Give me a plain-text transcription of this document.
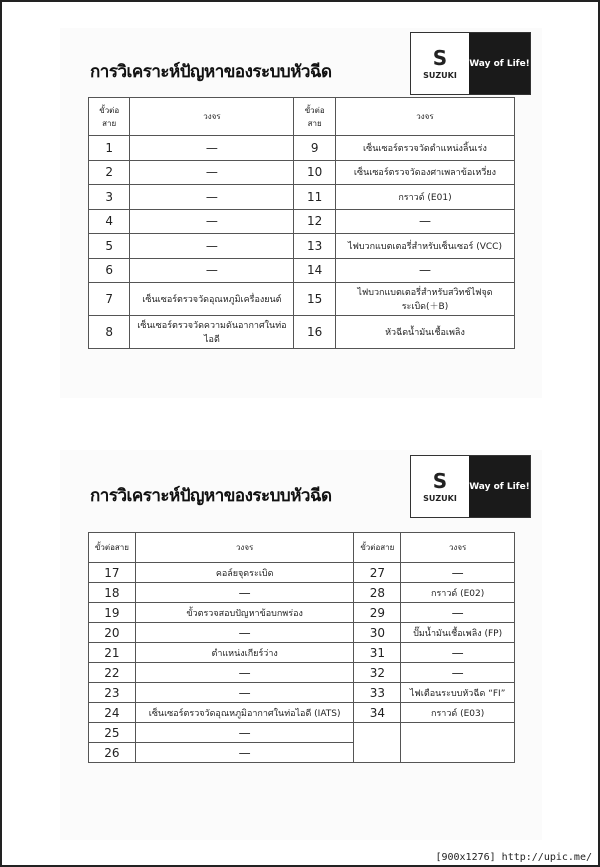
การวิเคราะห์ปัญหาของระบบหัวฉีด
S
SUZUKI
Way of Life!
ขั้วต่อสาย	วงจร	ขั้วต่อสาย	วงจร
1	—	9	เซ็นเซอร์ตรวจวัดตำแหน่งลิ้นเร่ง
2	—	10	เซ็นเซอร์ตรวจวัดองศาเพลาข้อเหวี่ยง
3	—	11	กราวด์ (E01)
4	—	12	—
5	—	13	ไฟบวกแบตเตอรี่สำหรับเซ็นเซอร์ (VCC)
6	—	14	—
7	เซ็นเซอร์ตรวจวัดอุณหภูมิเครื่องยนต์	15	ไฟบวกแบตเตอรี่สำหรับสวิทช์ไฟจุดระเบิด(＋B)
8	เซ็นเซอร์ตรวจวัดความดันอากาศในท่อไอดี	16	หัวฉีดน้ำมันเชื้อเพลิง
การวิเคราะห์ปัญหาของระบบหัวฉีด
S
SUZUKI
Way of Life!
ขั้วต่อสาย	วงจร	ขั้วต่อสาย	วงจร
17	คอล์ยจุดระเบิด	27	—
18	—	28	กราวด์ (E02)
19	ขั้วตรวจสอบปัญหาข้อบกพร่อง	29	—
20	—	30	ปั๊มน้ำมันเชื้อเพลิง (FP)
21	ตำแหน่งเกียร์ว่าง	31	—
22	—	32	—
23	—	33	ไฟเตือนระบบหัวฉีด “FI”
24	เซ็นเซอร์ตรวจวัดอุณหภูมิอากาศในท่อไอดี (IATS)	34	กราวด์ (E03)
25	—		
26	—		
[900x1276] http://upic.me/
